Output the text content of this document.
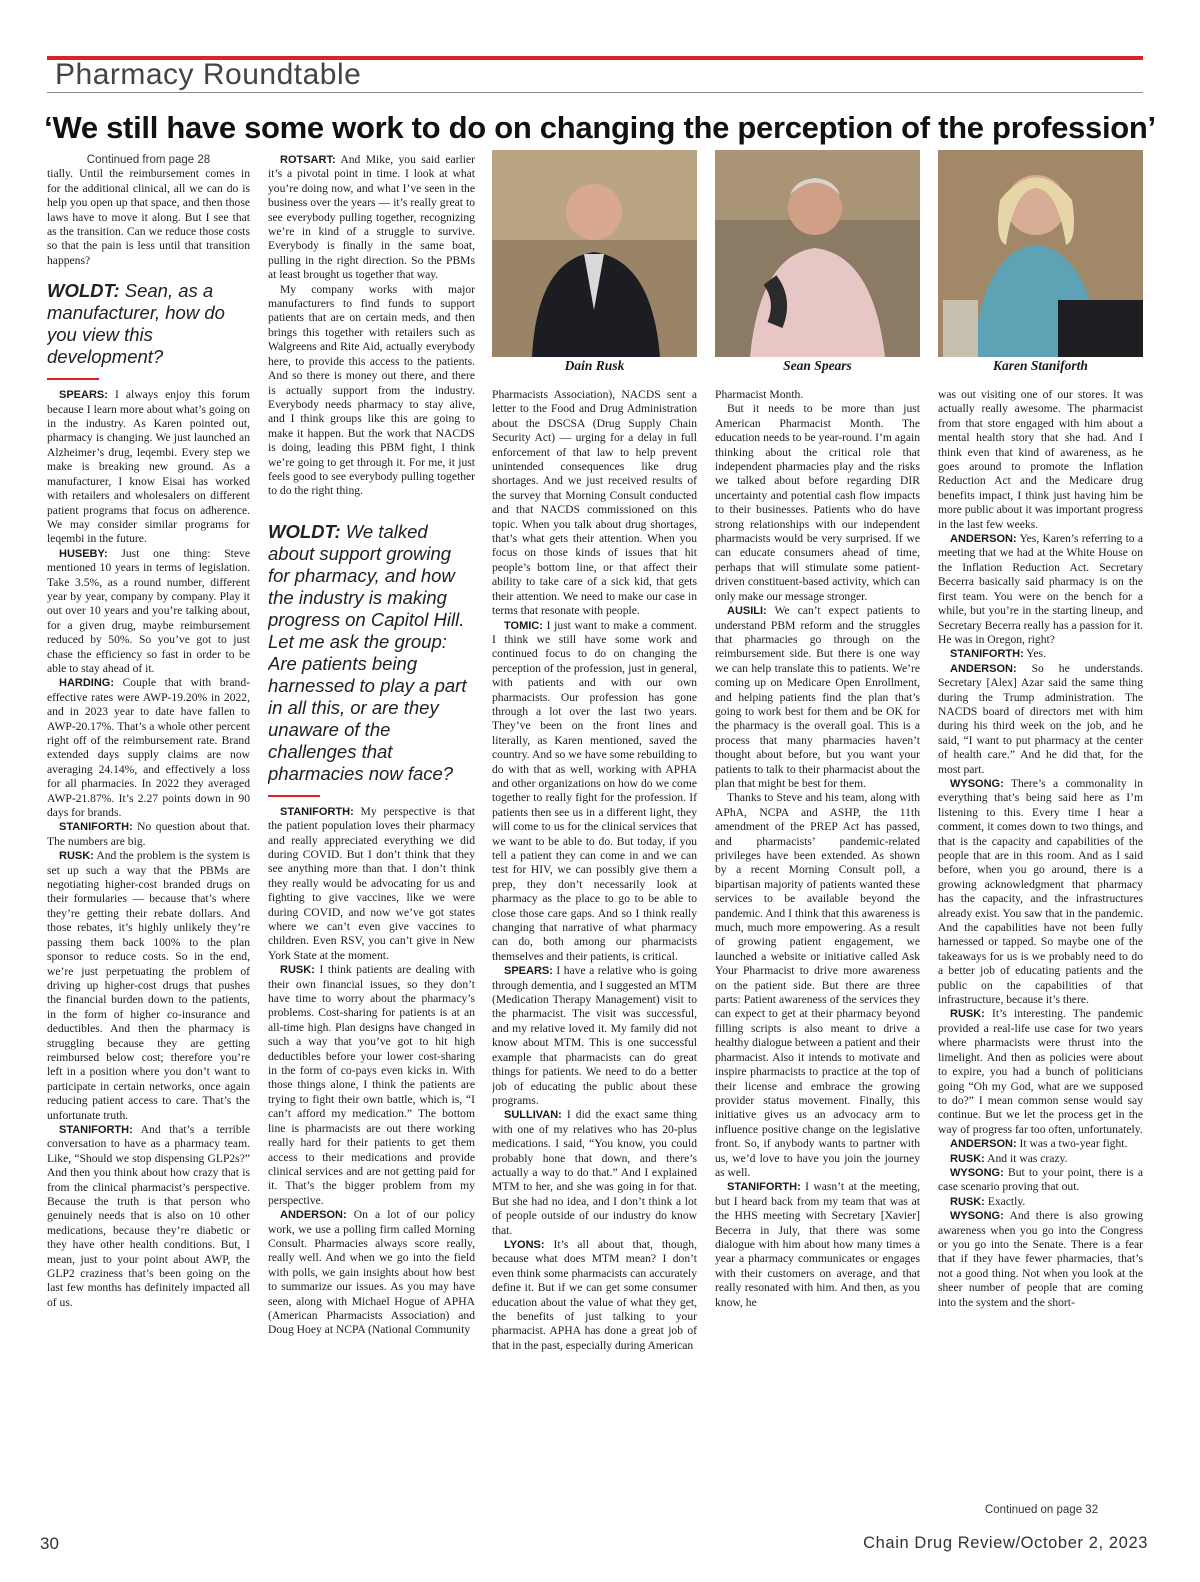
Pharmacy Roundtable
‘We still have some work to do on changing the perception of the profession’

Continued from page 28

tially. Until the reimbursement comes in for the additional clinical, all we can do is help you open up that space, and then those laws have to move it along. But I see that as the transition. Can we reduce those costs so that the pain is less until that transition happens?

WOLDT: Sean, as a manufacturer, how do you view this development?

SPEARS: I always enjoy this forum because I learn more about what’s going on in the industry. As Karen pointed out, pharmacy is changing. We just launched an Alzheimer’s drug, leqembi. Every step we make is breaking new ground. As a manufacturer, I know Eisai has worked with retailers and wholesalers on different patient programs that focus on adherence. We may consider similar programs for leqembi in the future.

HUSEBY: Just one thing: Steve mentioned 10 years in terms of legislation. Take 3.5%, as a round number, different year by year, company by company. Play it out over 10 years and you’re talking about, for a given drug, maybe reimbursement reduced by 50%. So you’ve got to just chase the efficiency so fast in order to be able to stay ahead of it.

HARDING: Couple that with brand-effective rates were AWP-19.20% in 2022, and in 2023 year to date have fallen to AWP-20.17%. That’s a whole other percent right off of the reimbursement rate. Brand extended days supply claims are now averaging 24.14%, and effectively a loss for all pharmacies. In 2022 they averaged AWP-21.87%. It’s 2.27 points down in 90 days for brands.

STANIFORTH: No question about that. The numbers are big.

RUSK: And the problem is the system is set up such a way that the PBMs are negotiating higher-cost branded drugs on their formularies — because that’s where they’re getting their rebate dollars. And those rebates, it’s highly unlikely they’re passing them back 100% to the plan sponsor to reduce costs. So in the end, we’re just perpetuating the problem of driving up higher-cost drugs that pushes the financial burden down to the patients, in the form of higher co-insurance and deductibles. And then the pharmacy is struggling because they are getting reimbursed below cost; therefore you’re left in a position where you don’t want to participate in certain networks, once again reducing patient access to care. That’s the unfortunate truth.

STANIFORTH: And that’s a terrible conversation to have as a pharmacy team. Like, “Should we stop dispensing GLP2s?” And then you think about how crazy that is from the clinical pharmacist’s perspective. Because the truth is that person who genuinely needs that is also on 10 other medications, because they’re diabetic or they have other health conditions. But, I mean, just to your point about AWP, the GLP2 craziness that’s been going on the last few months has definitely impacted all of us.

ROTSART: And Mike, you said earlier it’s a pivotal point in time. I look at what you’re doing now, and what I’ve seen in the business over the years — it’s really great to see everybody pulling together, recognizing we’re in kind of a struggle to survive. Everybody is finally in the same boat, pulling in the right direction. So the PBMs at least brought us together that way.

My company works with major manufacturers to find funds to support patients that are on certain meds, and then brings this together with retailers such as Walgreens and Rite Aid, actually everybody here, to provide this access to the patients. And so there is money out there, and there is actually support from the industry. Everybody needs pharmacy to stay alive, and I think groups like this are going to make it happen. But the work that NACDS is doing, leading this PBM fight, I think we’re going to get through it. For me, it just feels good to see everybody pulling together to do the right thing.

WOLDT: We talked about support growing for pharmacy, and how the industry is making progress on Capitol Hill. Let me ask the group: Are patients being harnessed to play a part in all this, or are they unaware of the challenges that pharmacies now face?

STANIFORTH: My perspective is that the patient population loves their pharmacy and really appreciated everything we did during COVID. But I don’t think that they see anything more than that. I don’t think they really would be advocating for us and fighting to give vaccines, like we were during COVID, and now we’ve got states where we can’t even give vaccines to children. Even RSV, you can’t give in New York State at the moment.

RUSK: I think patients are dealing with their own financial issues, so they don’t have time to worry about the pharmacy’s problems. Cost-sharing for patients is at an all-time high. Plan designs have changed in such a way that you’ve got to hit high deductibles before your lower cost-sharing in the form of co-pays even kicks in. With those things alone, I think the patients are trying to fight their own battle, which is, “I can’t afford my medication.” The bottom line is pharmacists are out there working really hard for their patients to get them access to their medications and provide clinical services and are not getting paid for it. That’s the bigger problem from my perspective.

ANDERSON: On a lot of our policy work, we use a polling firm called Morning Consult. Pharmacies always score really, really well. And when we go into the field with polls, we gain insights about how best to summarize our issues. As you may have seen, along with Michael Hogue of APHA (American Pharmacists Association) and Doug Hoey at NCPA (National Community

Dain Rusk	Sean Spears	Karen Staniforth

Pharmacists Association), NACDS sent a letter to the Food and Drug Administration about the DSCSA (Drug Supply Chain Security Act) — urging for a delay in full enforcement of that law to help prevent unintended consequences like drug shortages. And we just received results of the survey that Morning Consult conducted and that NACDS commissioned on this topic. When you talk about drug shortages, that’s what gets their attention. When you focus on those kinds of issues that hit people’s bottom line, or that affect their ability to take care of a sick kid, that gets their attention. We need to make our case in terms that resonate with people.

TOMIC: I just want to make a comment. I think we still have some work and continued focus to do on changing the perception of the profession, just in general, with patients and with our own pharmacists. Our profession has gone through a lot over the last two years. They’ve been on the front lines and literally, as Karen mentioned, saved the country. And so we have some rebuilding to do with that as well, working with APHA and other organizations on how do we come together to really fight for the profession. If patients then see us in a different light, they will come to us for the clinical services that we want to be able to do. But today, if you tell a patient they can come in and we can test for HIV, we can possibly give them a prep, they don’t necessarily look at pharmacy as the place to go to be able to close those care gaps. And so I think really changing that narrative of what pharmacy can do, both among our pharmacists themselves and their patients, is critical.

SPEARS: I have a relative who is going through dementia, and I suggested an MTM (Medication Therapy Management) visit to the pharmacist. The visit was successful, and my relative loved it. My family did not know about MTM. This is one successful example that pharmacists can do great things for patients. We need to do a better job of educating the public about these programs.

SULLIVAN: I did the exact same thing with one of my relatives who has 20-plus medications. I said, “You know, you could probably hone that down, and there’s actually a way to do that.” And I explained MTM to her, and she was going in for that. But she had no idea, and I don’t think a lot of people outside of our industry do know that.

LYONS: It’s all about that, though, because what does MTM mean? I don’t even think some pharmacists can accurately define it. But if we can get some consumer education about the value of what they get, the benefits of just talking to your pharmacist. APHA has done a great job of that in the past, especially during American

Pharmacist Month.

But it needs to be more than just American Pharmacist Month. The education needs to be year-round. I’m again thinking about the critical role that independent pharmacies play and the risks we talked about before regarding DIR uncertainty and potential cash flow impacts to their businesses. Patients who do have strong relationships with our independent pharmacists would be very surprised. If we can educate consumers ahead of time, perhaps that will stimulate some patient-driven constituent-based activity, which can only make our message stronger.

AUSILI: We can’t expect patients to understand PBM reform and the struggles that pharmacies go through on the reimbursement side. But there is one way we can help translate this to patients. We’re coming up on Medicare Open Enrollment, and helping patients find the plan that’s going to work best for them and be OK for the pharmacy is the overall goal. This is a process that many pharmacies haven’t thought about before, but you want your patients to talk to their pharmacist about the plan that might be best for them.

Thanks to Steve and his team, along with APhA, NCPA and ASHP, the 11th amendment of the PREP Act has passed, and pharmacists’ pandemic-related privileges have been extended. As shown by a recent Morning Consult poll, a bipartisan majority of patients wanted these services to be available beyond the pandemic. And I think that this awareness is much, much more empowering. As a result of growing patient engagement, we launched a website or initiative called Ask Your Pharmacist to drive more awareness on the patient side. But there are three parts: Patient awareness of the services they can expect to get at their pharmacy beyond filling scripts is also meant to drive a healthy dialogue between a patient and their pharmacist. Also it intends to motivate and inspire pharmacists to practice at the top of their license and embrace the growing provider status movement. Finally, this initiative gives us an advocacy arm to influence positive change on the legislative front. So, if anybody wants to partner with us, we’d love to have you join the journey as well.

STANIFORTH: I wasn’t at the meeting, but I heard back from my team that was at the HHS meeting with Secretary [Xavier] Becerra in July, that there was some dialogue with him about how many times a year a pharmacy communicates or engages with their customers on average, and that really resonated with him. And then, as you know, he

was out visiting one of our stores. It was actually really awesome. The pharmacist from that store engaged with him about a mental health story that she had. And I think even that kind of awareness, as he goes around to promote the Inflation Reduction Act and the Medicare drug benefits impact, I think just having him be more public about it was important progress in the last few weeks.

ANDERSON: Yes, Karen’s referring to a meeting that we had at the White House on the Inflation Reduction Act. Secretary Becerra basically said pharmacy is on the first team. You were on the bench for a while, but you’re in the starting lineup, and Secretary Becerra really has a passion for it. He was in Oregon, right?

STANIFORTH: Yes.

ANDERSON: So he understands. Secretary [Alex] Azar said the same thing during the Trump administration. The NACDS board of directors met with him during his third week on the job, and he said, “I want to put pharmacy at the center of health care.” And he did that, for the most part.

WYSONG: There’s a commonality in everything that’s being said here as I’m listening to this. Every time I hear a comment, it comes down to two things, and that is the capacity and capabilities of the people that are in this room. And as I said before, when you go around, there is a growing acknowledgment that pharmacy has the capacity, and the infrastructures already exist. You saw that in the pandemic. And the capabilities have not been fully harnessed or tapped. So maybe one of the takeaways for us is we probably need to do a better job of educating patients and the public on the capabilities of that infrastructure, because it’s there.

RUSK: It’s interesting. The pandemic provided a real-life use case for two years where pharmacists were thrust into the limelight. And then as policies were about to expire, you had a bunch of politicians going “Oh my God, what are we supposed to do?” I mean common sense would say continue. But we let the process get in the way of progress far too often, unfortunately.

ANDERSON: It was a two-year fight.

RUSK: And it was crazy.

WYSONG: But to your point, there is a case scenario proving that out.

RUSK: Exactly.

WYSONG: And there is also growing awareness when you go into the Congress or you go into the Senate. There is a fear that if they have fewer pharmacies, that’s not a good thing. Not when you look at the sheer number of people that are coming into the system and the short-

Continued on page 32
30	Chain Drug Review/October 2, 2023
